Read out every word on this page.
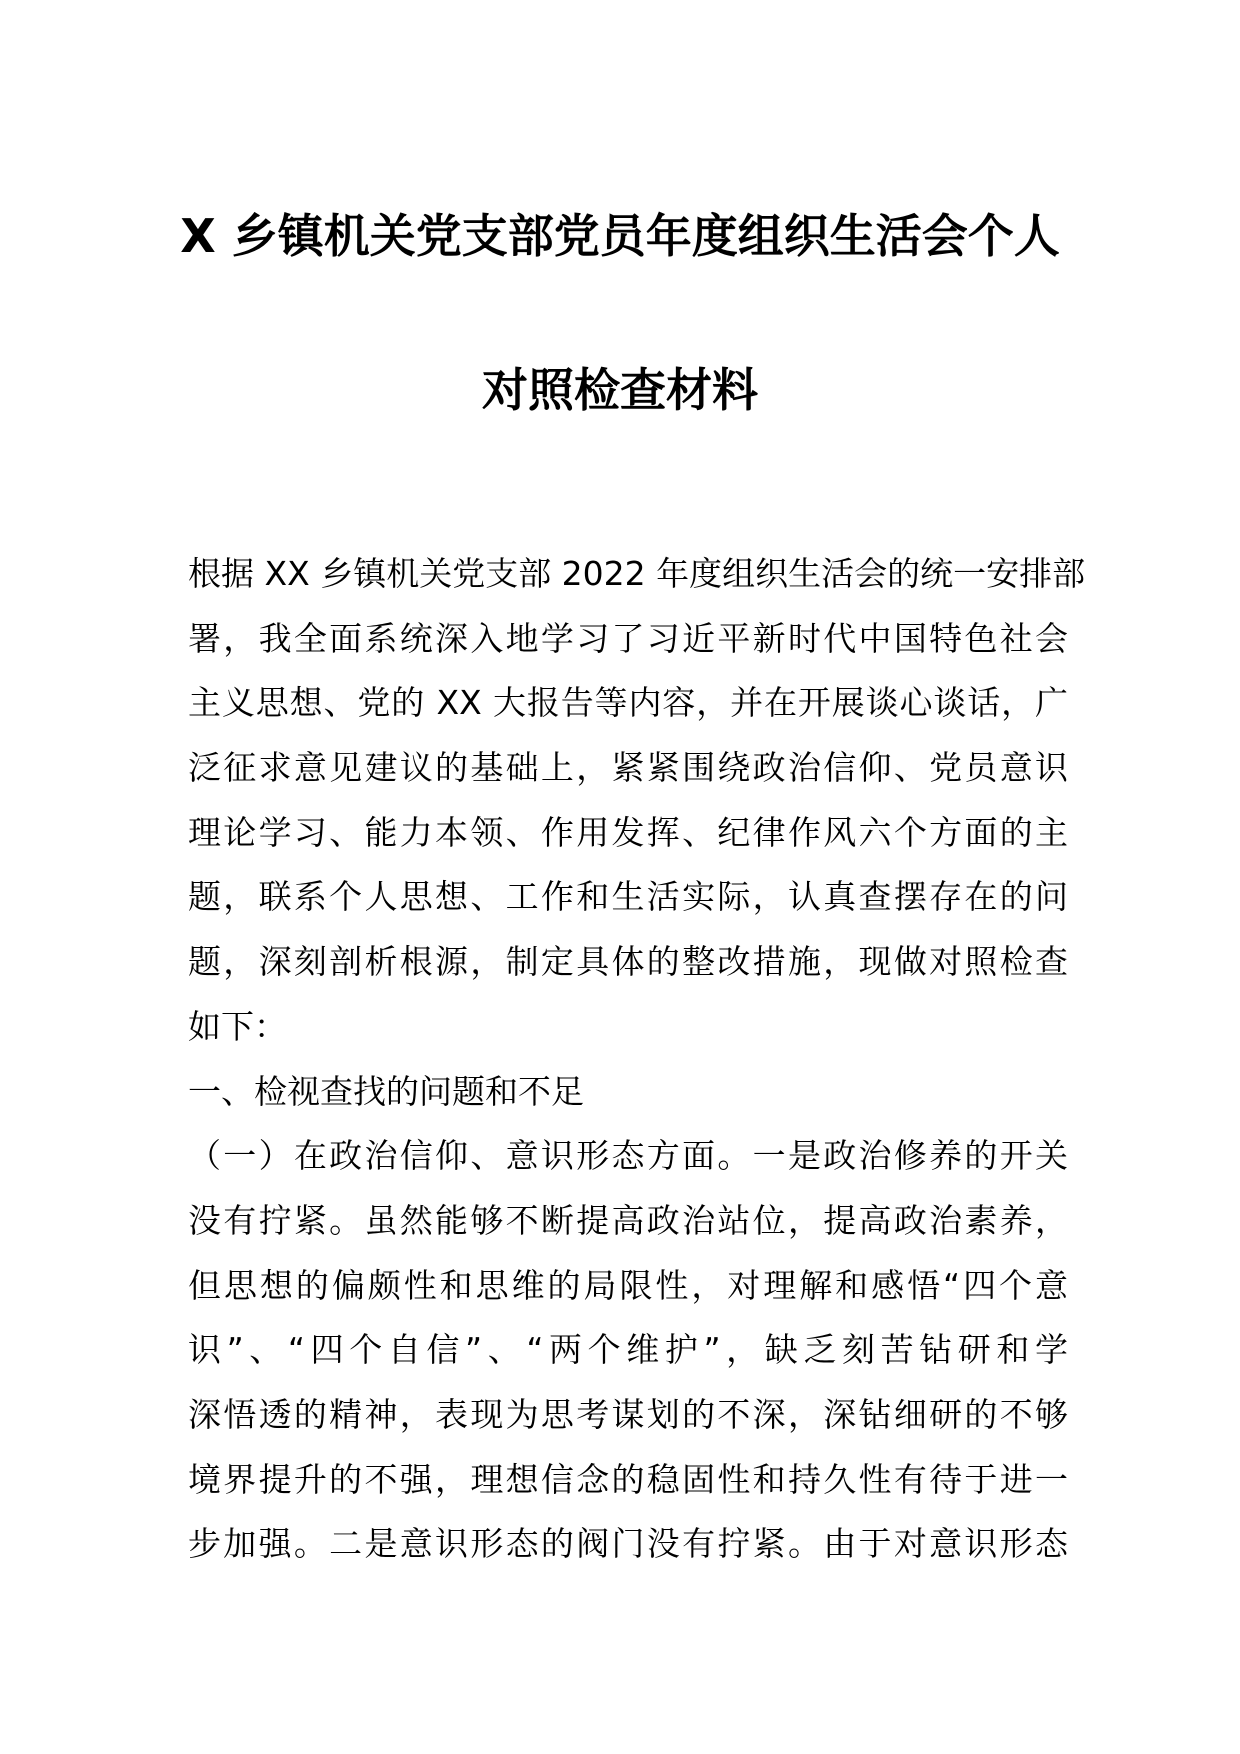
X 乡镇机关党支部党员年度组织生活会个人
对照检查材料
根据 XX 乡镇机关党支部 2022 年度组织生活会的统一安排部
署，我全面系统深入地学习了习近平新时代中国特色社会
主义思想、党的 XX 大报告等内容，并在开展谈心谈话，广
泛征求意见建议的基础上，紧紧围绕政治信仰、党员意识
理论学习、能力本领、作用发挥、纪律作风六个方面的主
题，联系个人思想、工作和生活实际，认真查摆存在的问
题，深刻剖析根源，制定具体的整改措施，现做对照检查
如下：
一、检视查找的问题和不足
（一）在政治信仰、意识形态方面。一是政治修养的开关
没有拧紧。虽然能够不断提高政治站位，提高政治素养，
但思想的偏颇性和思维的局限性，对理解和感悟“四个意
识”、“四个自信”、“两个维护”，缺乏刻苦钻研和学
深悟透的精神，表现为思考谋划的不深，深钻细研的不够
境界提升的不强，理想信念的稳固性和持久性有待于进一
步加强。二是意识形态的阀门没有拧紧。由于对意识形态
